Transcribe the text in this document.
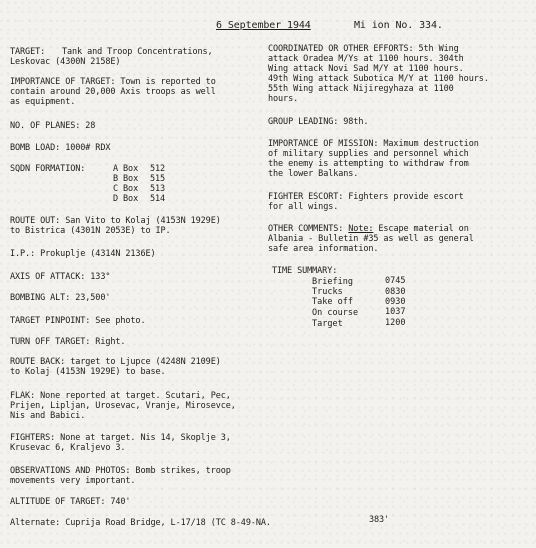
6 September 1944	Mi ion No. 334.
TARGET: Tank and Troop Concentrations,
Leskovac (4300N 2158E)
IMPORTANCE OF TARGET: Town is reported to
contain around 20,000 Axis troops as well
as equipment.
NO. OF PLANES: 28
BOMB LOAD: 1000# RDX
SQDN FORMATION:	A Box 512
B Box 515
C Box 513
D Box 514
ROUTE OUT: San Vito to Kolaj (4153N 1929E)
to Bistrica (4301N 2053E) to IP.
I.P.: Prokuplje (4314N 2136E)
AXIS OF ATTACK: 133°
BOMBING ALT: 23,500'
TARGET PINPOINT: See photo.
TURN OFF TARGET: Right.
ROUTE BACK: target to Ljupce (4248N 2109E)
to Kolaj (4153N 1929E) to base.
FLAK: None reported at target. Scutari, Pec,
Prijen, Lipljan, Urosevac, Vranje, Mirosevce,
Nis and Babici.
FIGHTERS: None at target. Nis 14, Skoplje 3,
Krusevac 6, Kraljevo 3.
OBSERVATIONS AND PHOTOS: Bomb strikes, troop
movements very important.
ALTITUDE OF TARGET: 740'
Alternate: Cuprija Road Bridge, L-17/18 (TC 8-49-NA.	383'
COORDINATED OR OTHER EFFORTS: 5th Wing
attack Oradea M/Ys at 1100 hours. 304th
Wing attack Novi Sad M/Y at 1100 hours.
49th Wing attack Subotica M/Y at 1100 hours.
55th Wing attack Nijiregyhaza at 1100
hours.
GROUP LEADING: 98th.
IMPORTANCE OF MISSION: Maximum destruction
of military supplies and personnel which
the enemy is attempting to withdraw from
the lower Balkans.
FIGHTER ESCORT: Fighters provide escort
for all wings.
OTHER COMMENTS: Note: Escape material on
Albania - Bulletin #35 as well as general
safe area information.
TIME SUMMARY:
Briefing	0745
Trucks	0830
Take off	0930
On course	1037
Target	1200
